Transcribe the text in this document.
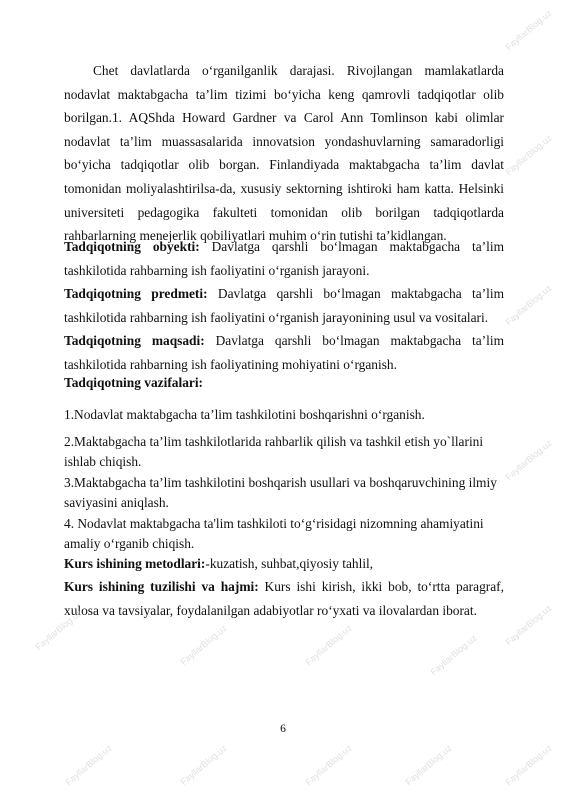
Chet davlatlarda o‘rganilganlik darajasi. Rivojlangan mamlakatlarda nodavlat maktabgacha ta’lim tizimi bo‘yicha keng qamrovli tadqiqotlar olib borilgan.1. AQShda Howard Gardner va Carol Ann Tomlinson kabi olimlar nodavlat ta’lim muassasalarida innovatsion yondashuvlarning samaradorligi bo‘yicha tadqiqotlar olib borgan. Finlandiyada maktabgacha ta’lim davlat tomonidan moliyalashtirilsa-da, xususiy sektorning ishtiroki ham katta. Helsinki universiteti pedagogika fakulteti tomonidan olib borilgan tadqiqotlarda rahbarlarning menejerlik qobiliyatlari muhim o‘rin tutishi ta’kidlangan.

Tadqiqotning obyekti: Davlatga qarshli bo‘lmagan maktabgacha ta’lim tashkilotida rahbarning ish faoliyatini o‘rganish jarayoni.

Tadqiqotning predmeti: Davlatga qarshli bo‘lmagan maktabgacha ta’lim tashkilotida rahbarning ish faoliyatini o‘rganish jarayonining usul va vositalari.

Tadqiqotning maqsadi: Davlatga qarshli bo‘lmagan maktabgacha ta’lim tashkilotida rahbarning ish faoliyatining mohiyatini o‘rganish.

Tadqiqotning vazifalari:

1.Nodavlat maktabgacha ta’lim tashkilotini boshqarishni o‘rganish.

2.Maktabgacha ta’lim tashkilotlarida rahbarlik qilish va tashkil etish yo`llarini ishlab chiqish.

3.Maktabgacha ta’lim tashkilotini boshqarish usullari va boshqaruvchining ilmiy saviyasini aniqlash.

4. Nodavlat maktabgacha ta'lim tashkiloti to‘g‘risidagi nizomning ahamiyatini amaliy o‘rganib chiqish.

Kurs ishining metodlari:-kuzatish, suhbat,qiyosiy tahlil,

Kurs ishining tuzilishi va hajmi: Kurs ishi kirish, ikki bob, to‘rtta paragraf, xulosa va tavsiyalar, foydalanilgan adabiyotlar ro‘yxati va ilovalardan iborat.

6
FayllarBlog.uz
FayllarBlog.uz
FayllarBlog.uz
FayllarBlog.uz
FayllarBlog.uz
FayllarBlog.uz
FayllarBlog.uz	FayllarBlog.uz	FayllarBlog.uz
FayllarBlog.uz
FayllarBlog.uz	FayllarBlog.uz	FayllarBlog.uz	FayllarBlog.uz
